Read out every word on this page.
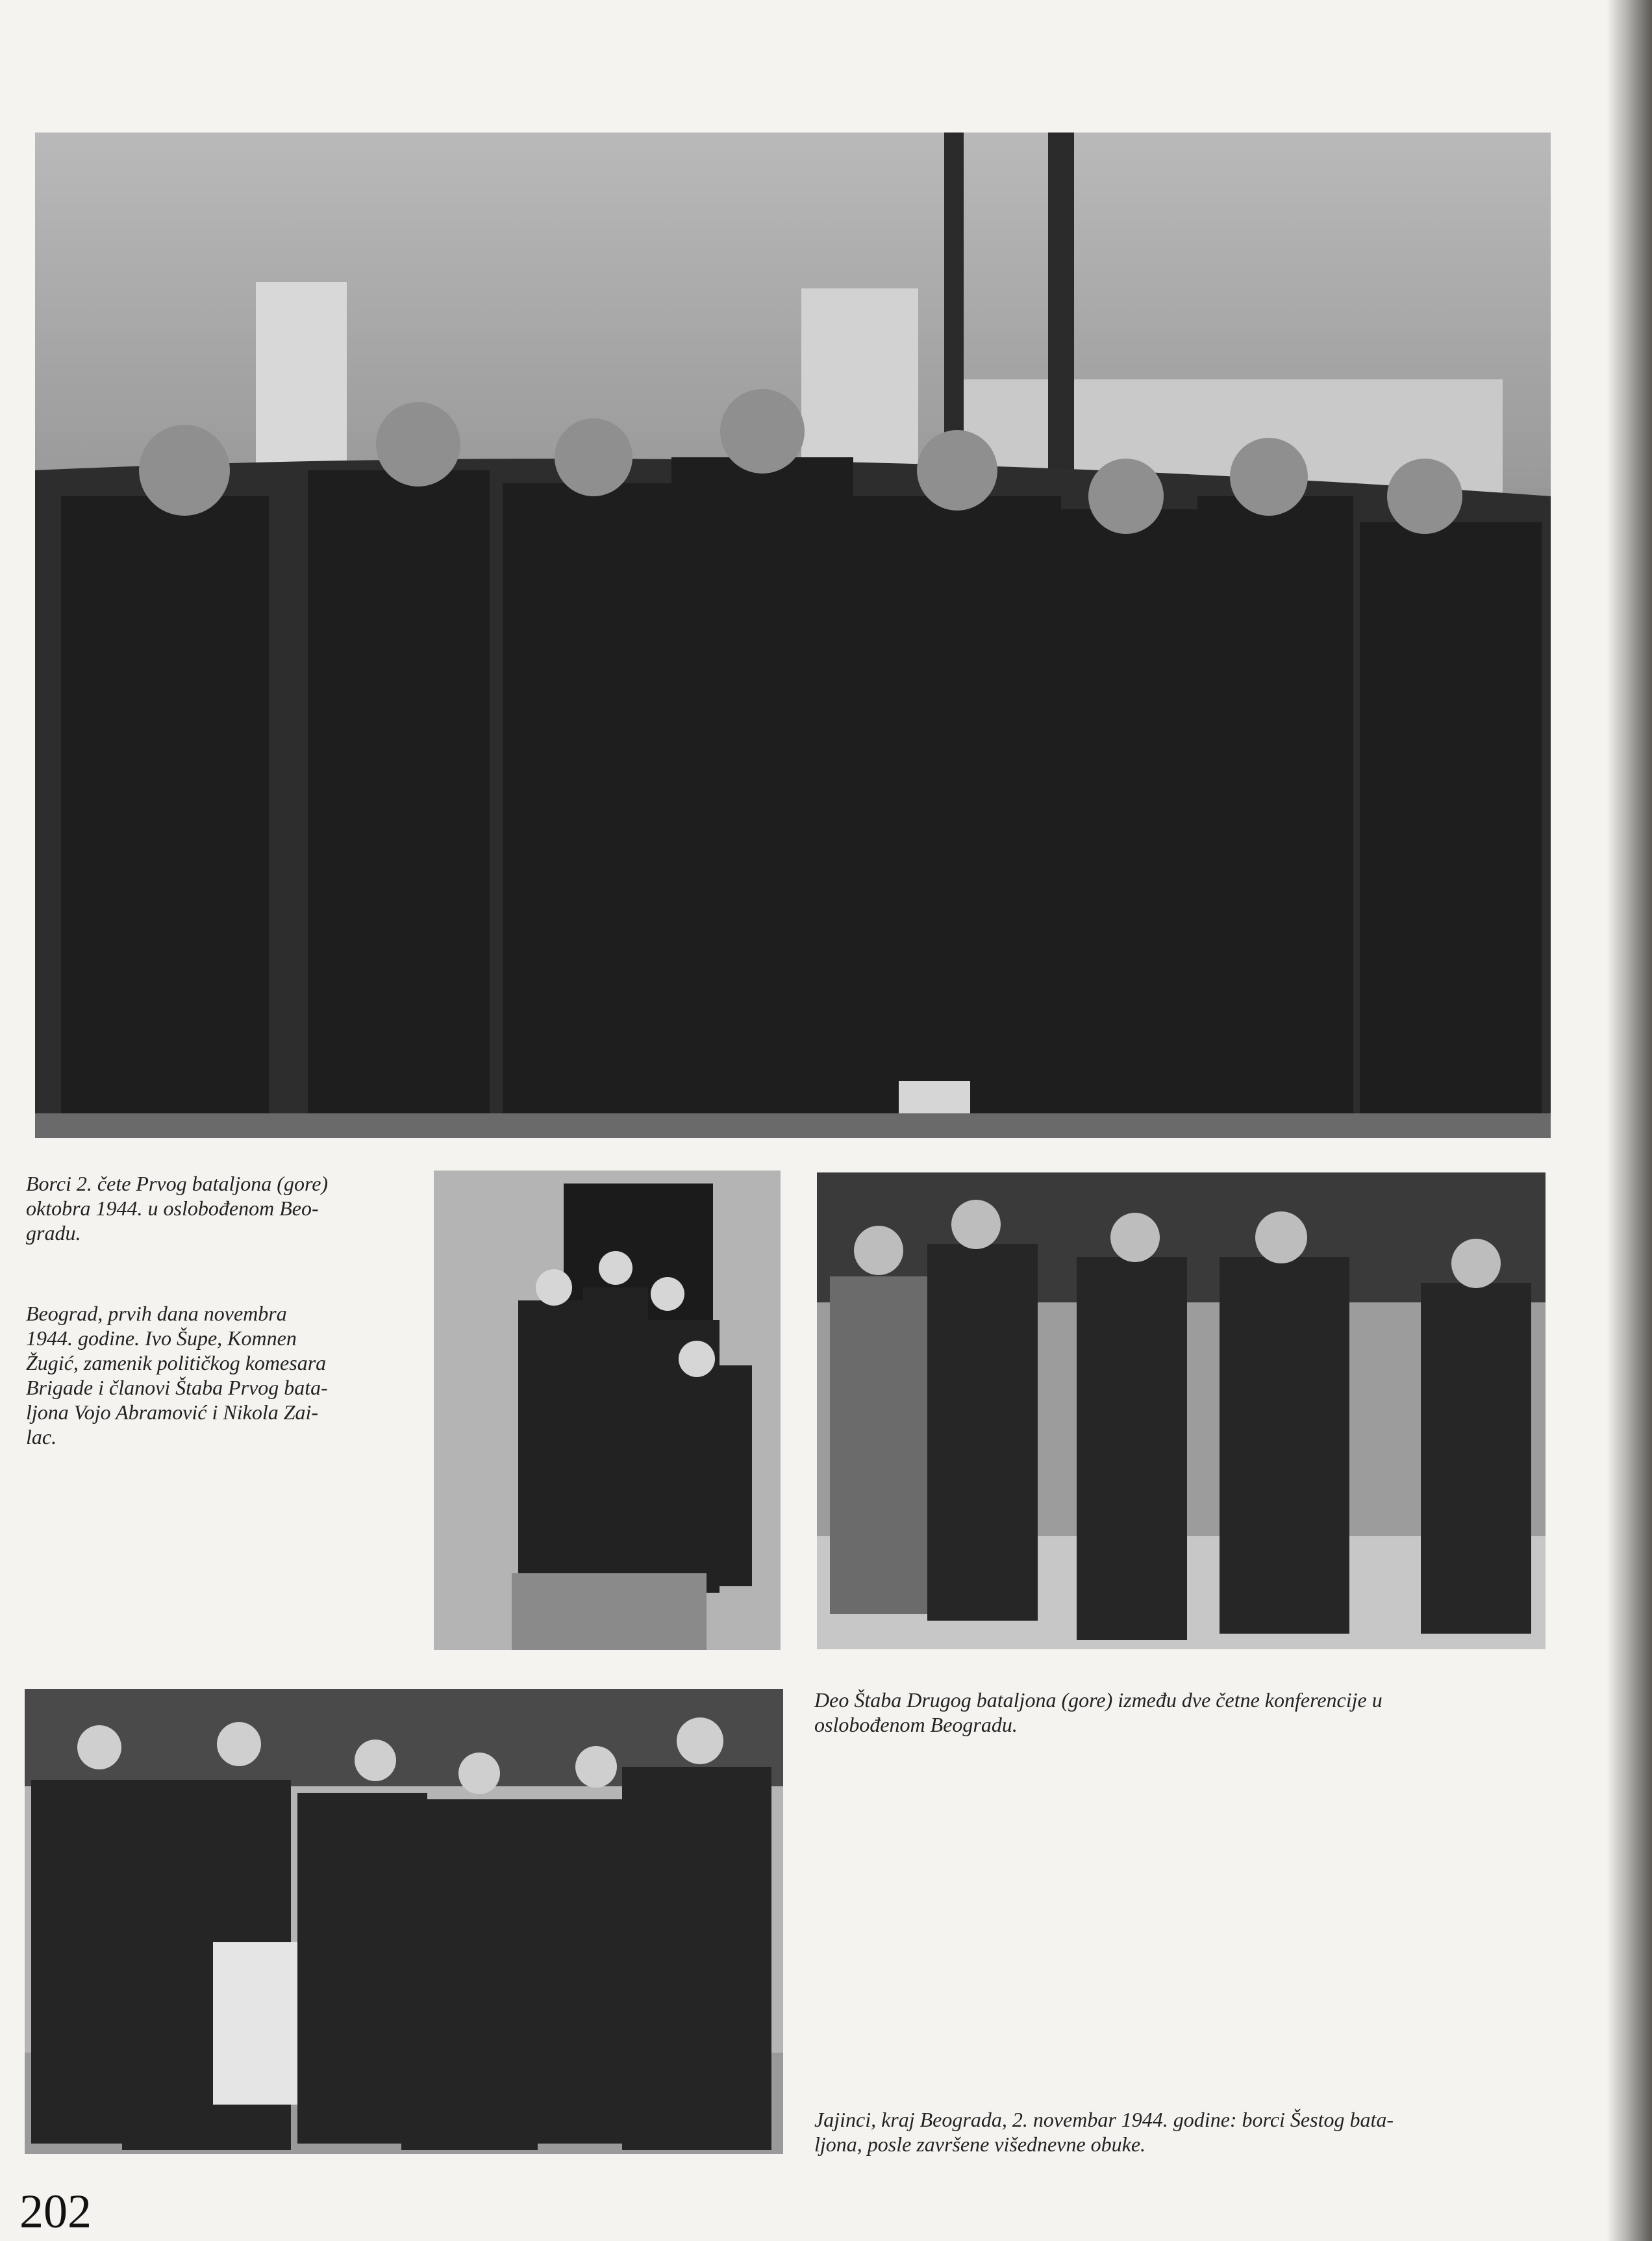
Borci 2. čete Prvog bataljona (gore)
oktobra 1944. u oslobođenom Beo-
gradu.
Beograd, prvih dana novembra
1944. godine. Ivo Šupe, Komnen
Žugić, zamenik političkog komesara
Brigade i članovi Štaba Prvog bata-
ljona Vojo Abramović i Nikola Zai-
lac.
Deo Štaba Drugog bataljona (gore) između dve četne konferencije u
oslobođenom Beogradu.
Jajinci, kraj Beograda, 2. novembar 1944. godine: borci Šestog bata-
ljona, posle završene višednevne obuke.
202
